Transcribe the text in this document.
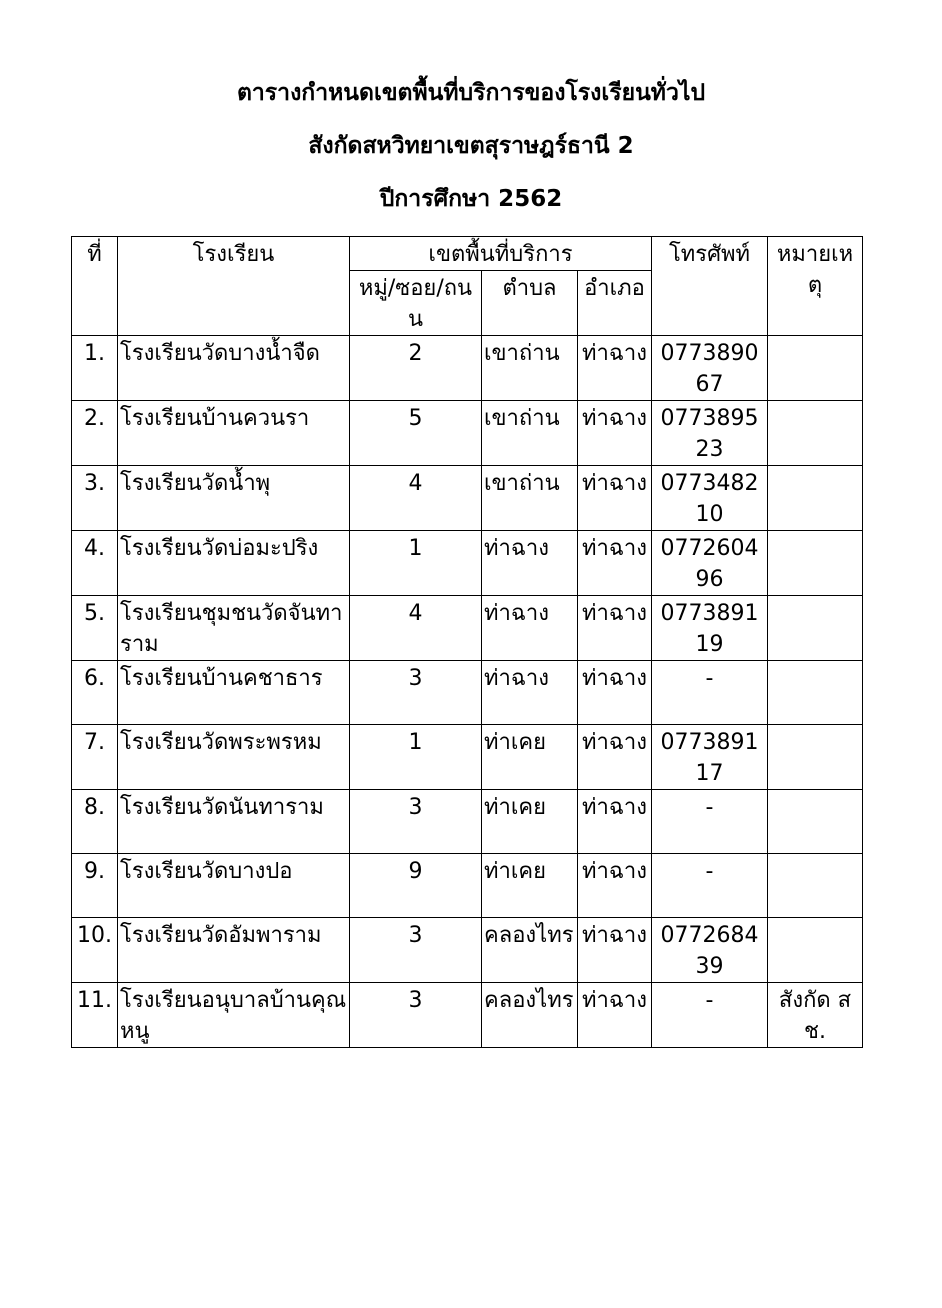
ตารางกำหนดเขตพื้นที่บริการของโรงเรียนทั่วไป
สังกัดสหวิทยาเขตสุราษฎร์ธานี 2
ปีการศึกษา 2562
ที่	โรงเรียน	เขตพื้นที่บริการ			โทรศัพท์	หมายเหตุ
		หมู่/ซอย/ถนน	ตำบล	อำเภอ		
1.	โรงเรียนวัดบางน้ำจืด	2	เขาถ่าน	ท่าฉาง	077389067	
2.	โรงเรียนบ้านควนรา	5	เขาถ่าน	ท่าฉาง	077389523	
3.	โรงเรียนวัดน้ำพุ	4	เขาถ่าน	ท่าฉาง	077348210	
4.	โรงเรียนวัดบ่อมะปริง	1	ท่าฉาง	ท่าฉาง	077260496	
5.	โรงเรียนชุมชนวัดจันทาราม	4	ท่าฉาง	ท่าฉาง	077389119	
6.	โรงเรียนบ้านคชาธาร	3	ท่าฉาง	ท่าฉาง	-	
7.	โรงเรียนวัดพระพรหม	1	ท่าเคย	ท่าฉาง	077389117	
8.	โรงเรียนวัดนันทาราม	3	ท่าเคย	ท่าฉาง	-	
9.	โรงเรียนวัดบางปอ	9	ท่าเคย	ท่าฉาง	-	
10.	โรงเรียนวัดอัมพาราม	3	คลองไทร	ท่าฉาง	077268439	
11.	โรงเรียนอนุบาลบ้านคุณหนู	3	คลองไทร	ท่าฉาง	-	สังกัด สช.
